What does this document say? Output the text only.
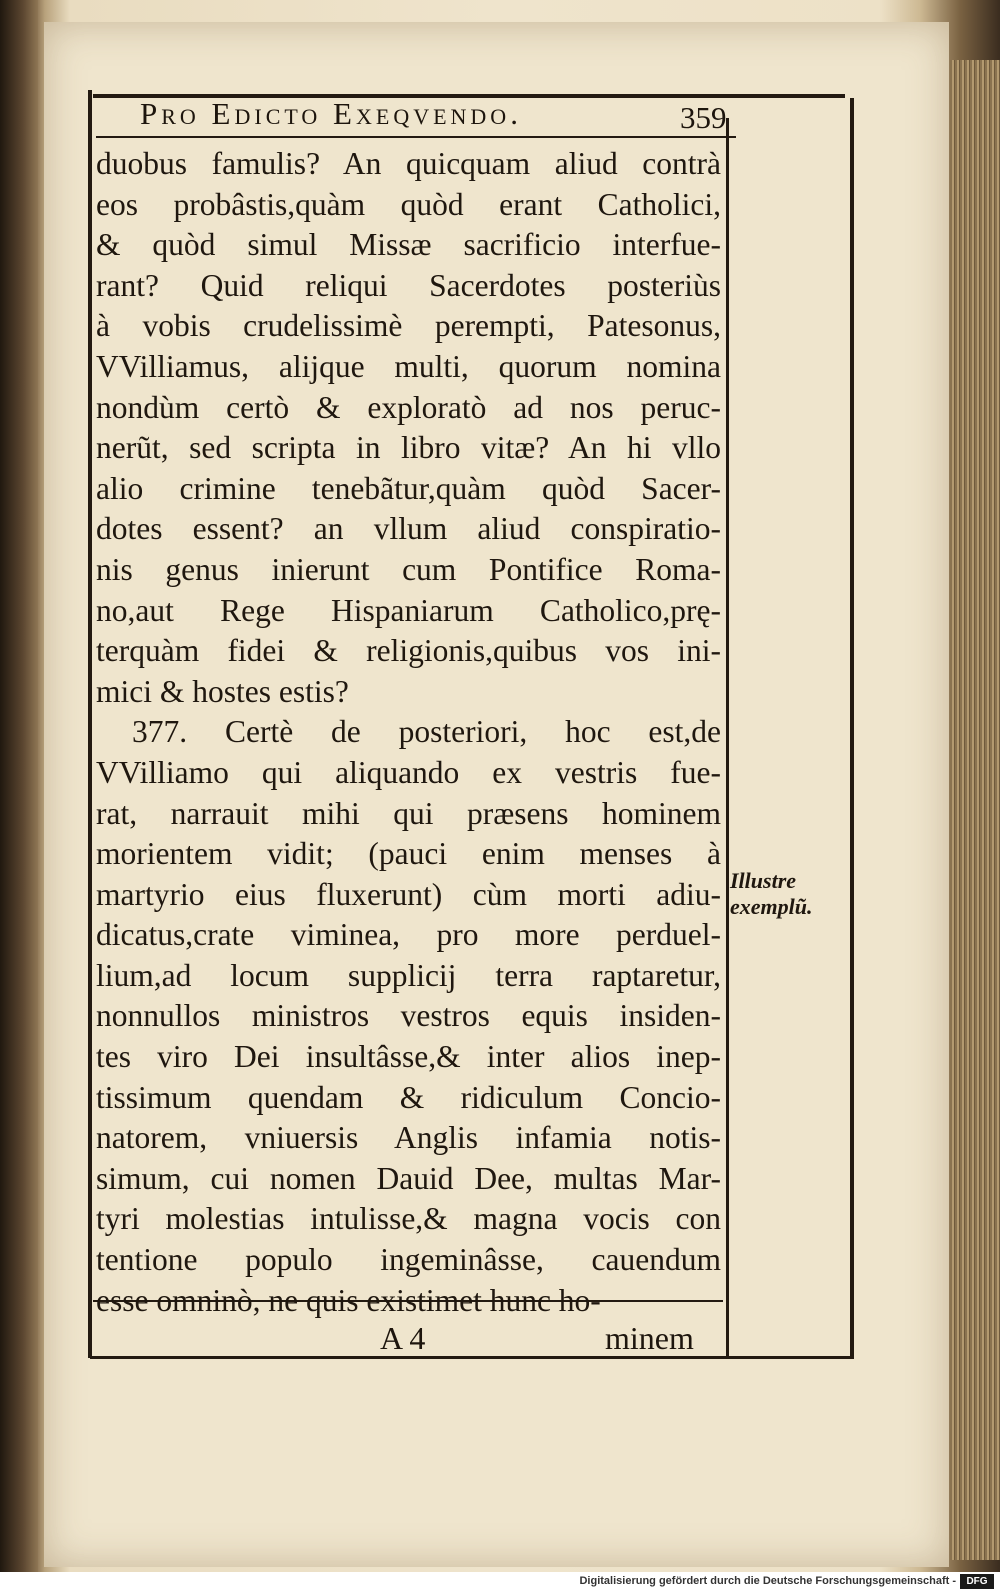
Pro Edicto Exeqvendo.	359
duobus famulis? An quicquam aliud contrà
eos probâstis,quàm quòd erant Catholici,
& quòd simul Missæ sacrificio interfue-
rant? Quid reliqui Sacerdotes posteriùs
à vobis crudelissimè perempti, Patesonus,
VVilliamus, alijque multi, quorum nomina
nondùm certò & exploratò ad nos peruc-
nerũt, sed scripta in libro vitæ? An hi vllo
alio crimine tenebãtur,quàm quòd Sacer-
dotes essent? an vllum aliud conspiratio-
nis genus inierunt cum Pontifice Roma-
no,aut Rege Hispaniarum Catholico,prę-
terquàm fidei & religionis,quibus vos ini-
mici & hostes estis?
377. Certè de posteriori, hoc est,de
VVilliamo qui aliquando ex vestris fue-
rat, narrauit mihi qui præsens hominem
morientem vidit; (pauci enim menses à
martyrio eius fluxerunt) cùm morti adiu-
dicatus,crate viminea, pro more perduel-
lium,ad locum supplicij terra raptaretur,
nonnullos ministros vestros equis insiden-
tes viro Dei insultâsse,& inter alios inep-
tissimum quendam & ridiculum Concio-
natorem, vniuersis Anglis infamia notis-
simum, cui nomen Dauid Dee, multas Mar-
tyri molestias intulisse,& magna vocis con
tentione populo ingeminâsse, cauendum
esse omninò, ne quis existimet hunc ho-
Illustre
exemplũ.
A 4	minem
Digitalisierung gefördert durch die Deutsche Forschungsgemeinschaft -	DFG
